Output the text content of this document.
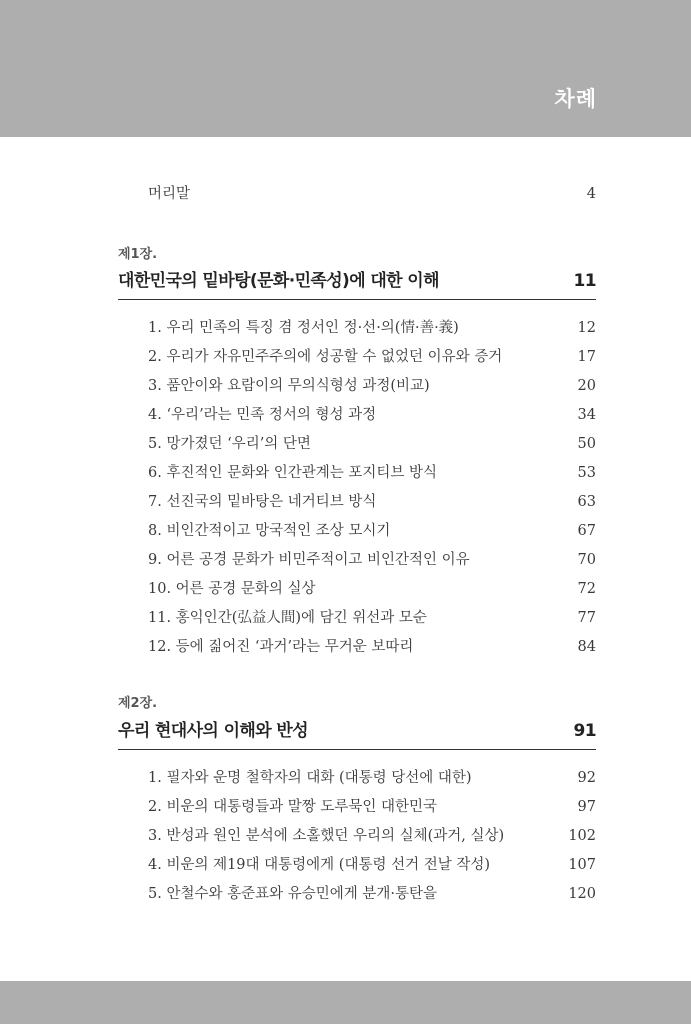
차례
머리말	4
제1장.
대한민국의 밑바탕(문화·민족성)에 대한 이해	11
1. 우리 민족의 특징 겸 정서인 정·선·의(情·善·義)	12
2. 우리가 자유민주주의에 성공할 수 없었던 이유와 증거	17
3. 품안이와 요람이의 무의식형성 과정(비교)	20
4. ‘우리’라는 민족 정서의 형성 과정	34
5. 망가졌던 ‘우리’의 단면	50
6. 후진적인 문화와 인간관계는 포지티브 방식	53
7. 선진국의 밑바탕은 네거티브 방식	63
8. 비인간적이고 망국적인 조상 모시기	67
9. 어른 공경 문화가 비민주적이고 비인간적인 이유	70
10. 어른 공경 문화의 실상	72
11. 홍익인간(弘益人間)에 담긴 위선과 모순	77
12. 등에 짊어진 ‘과거’라는 무거운 보따리	84
제2장.
우리 현대사의 이해와 반성	91
1. 필자와 운명 철학자의 대화 (대통령 당선에 대한)	92
2. 비운의 대통령들과 말짱 도루묵인 대한민국	97
3. 반성과 원인 분석에 소홀했던 우리의 실체(과거, 실상)	102
4. 비운의 제19대 대통령에게 (대통령 선거 전날 작성)	107
5. 안철수와 홍준표와 유승민에게 분개·통탄을	120
